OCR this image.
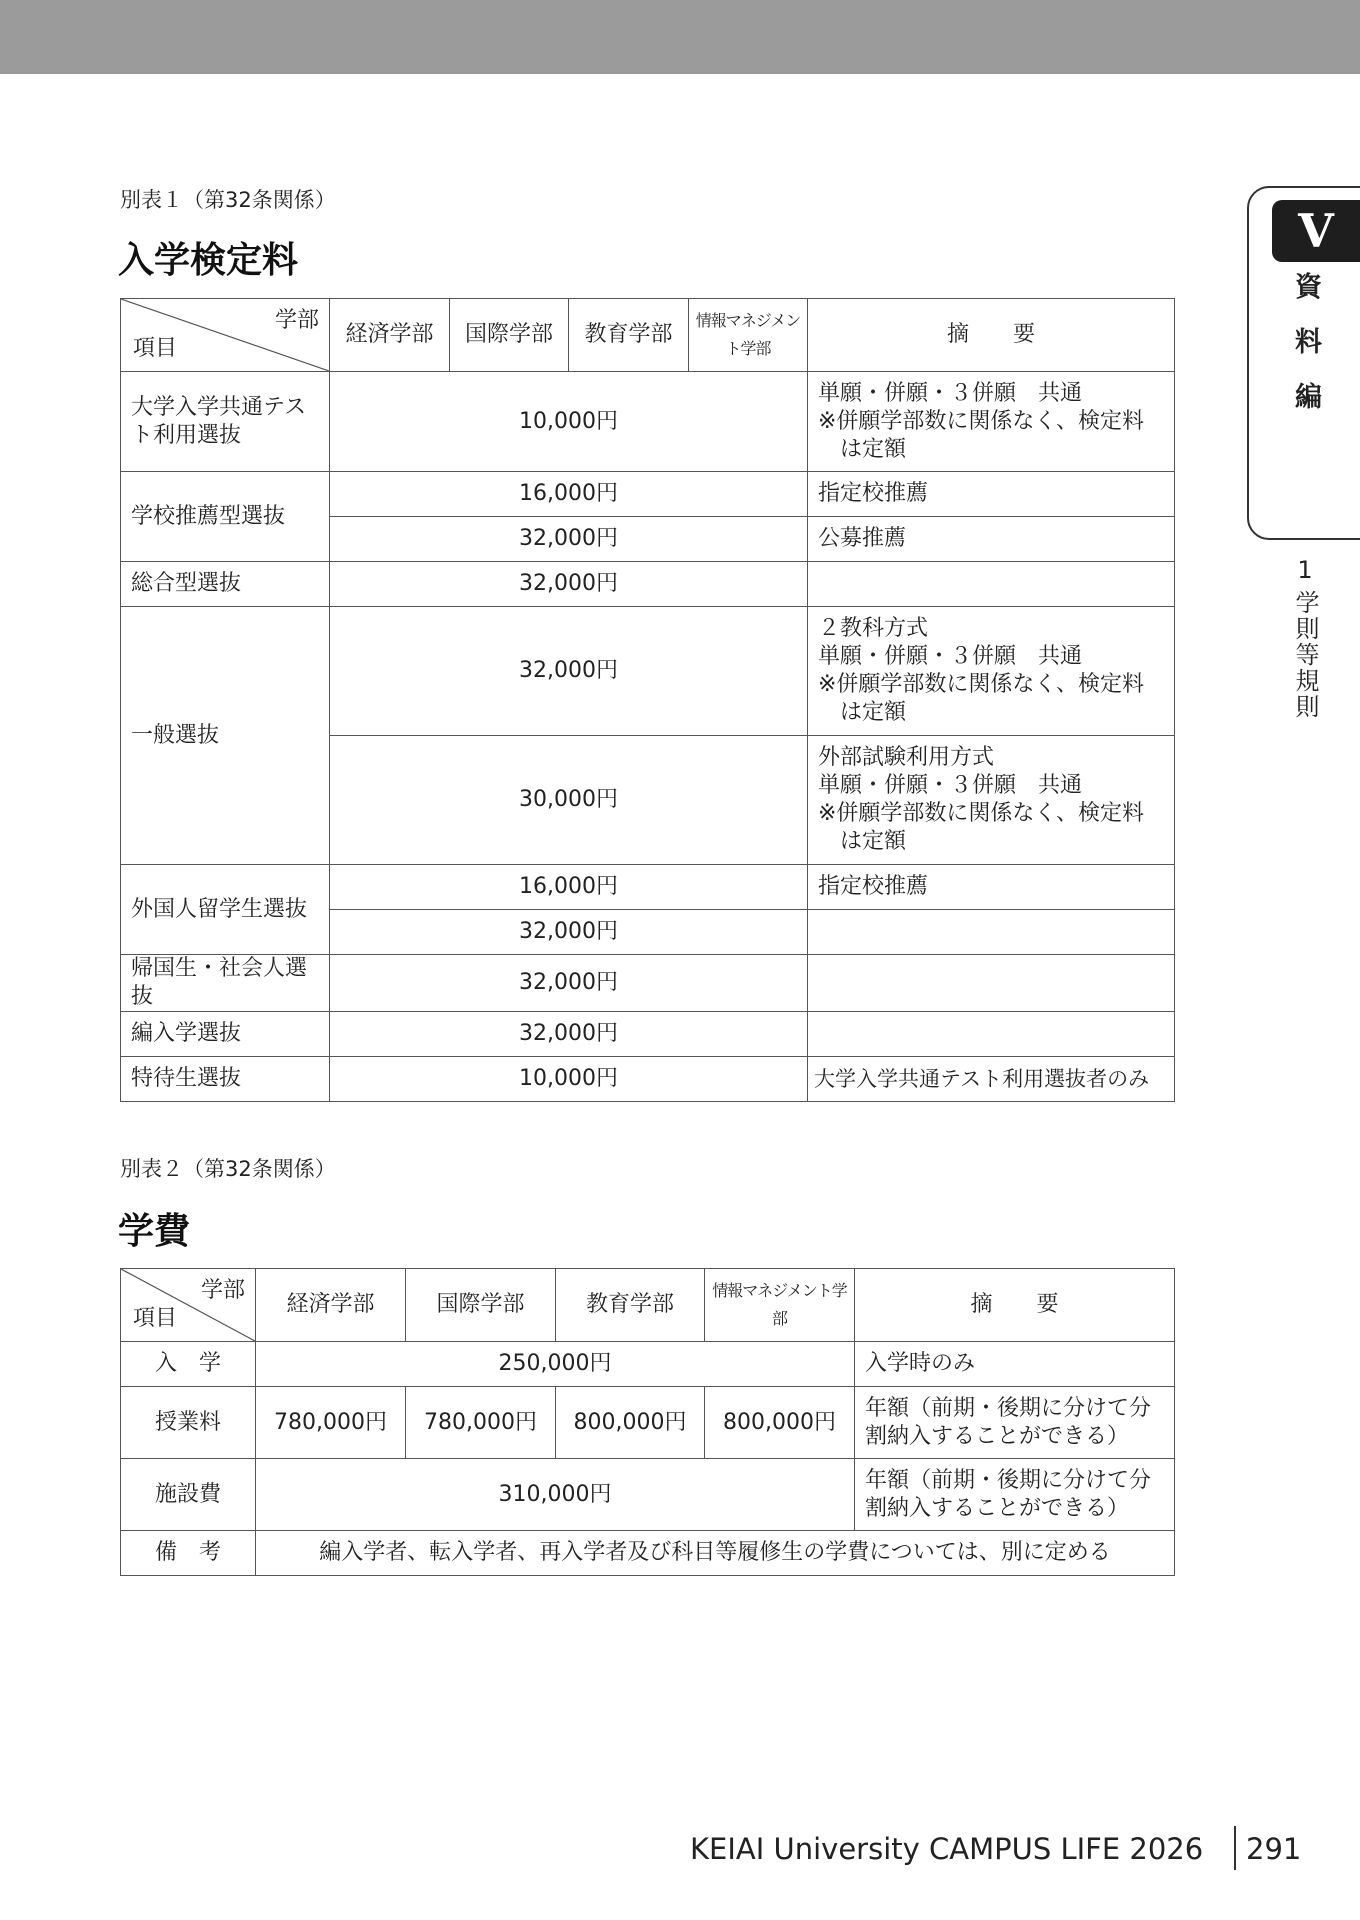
V
資料編
1
学則等規則
別表１（第32条関係）
入学検定料
学部
項目	経済学部	国際学部	教育学部	情報マネジメント学部	摘　　要
大学入学共通テスト利用選抜	10,000円				単願・併願・３併願　共通
※併願学部数に関係なく、検定料
　は定額

学校推薦型選抜	16,000円				指定校推薦
	32,000円				公募推薦
総合型選抜	32,000円				
一般選抜	32,000円				２教科方式
単願・併願・３併願　共通
※併願学部数に関係なく、検定料
　は定額

	30,000円				外部試験利用方式
単願・併願・３併願　共通
※併願学部数に関係なく、検定料
　は定額

外国人留学生選抜	16,000円				指定校推薦
	32,000円				
帰国生・社会人選抜	32,000円				
編入学選抜	32,000円				
特待生選抜	10,000円				大学入学共通テスト利用選抜者のみ
別表２（第32条関係）
学費
学部
項目	経済学部	国際学部	教育学部	情報マネジメント学部	摘　　要
入　学	250,000円				入学時のみ
授業料	780,000円	780,000円	800,000円	800,000円	年額（前期・後期に分けて分
割納入することができる）

施設費	310,000円				年額（前期・後期に分けて分
割納入することができる）

備　考	編入学者、転入学者、再入学者及び科目等履修生の学費については、別に定める				
KEIAI University CAMPUS LIFE 2026 291
